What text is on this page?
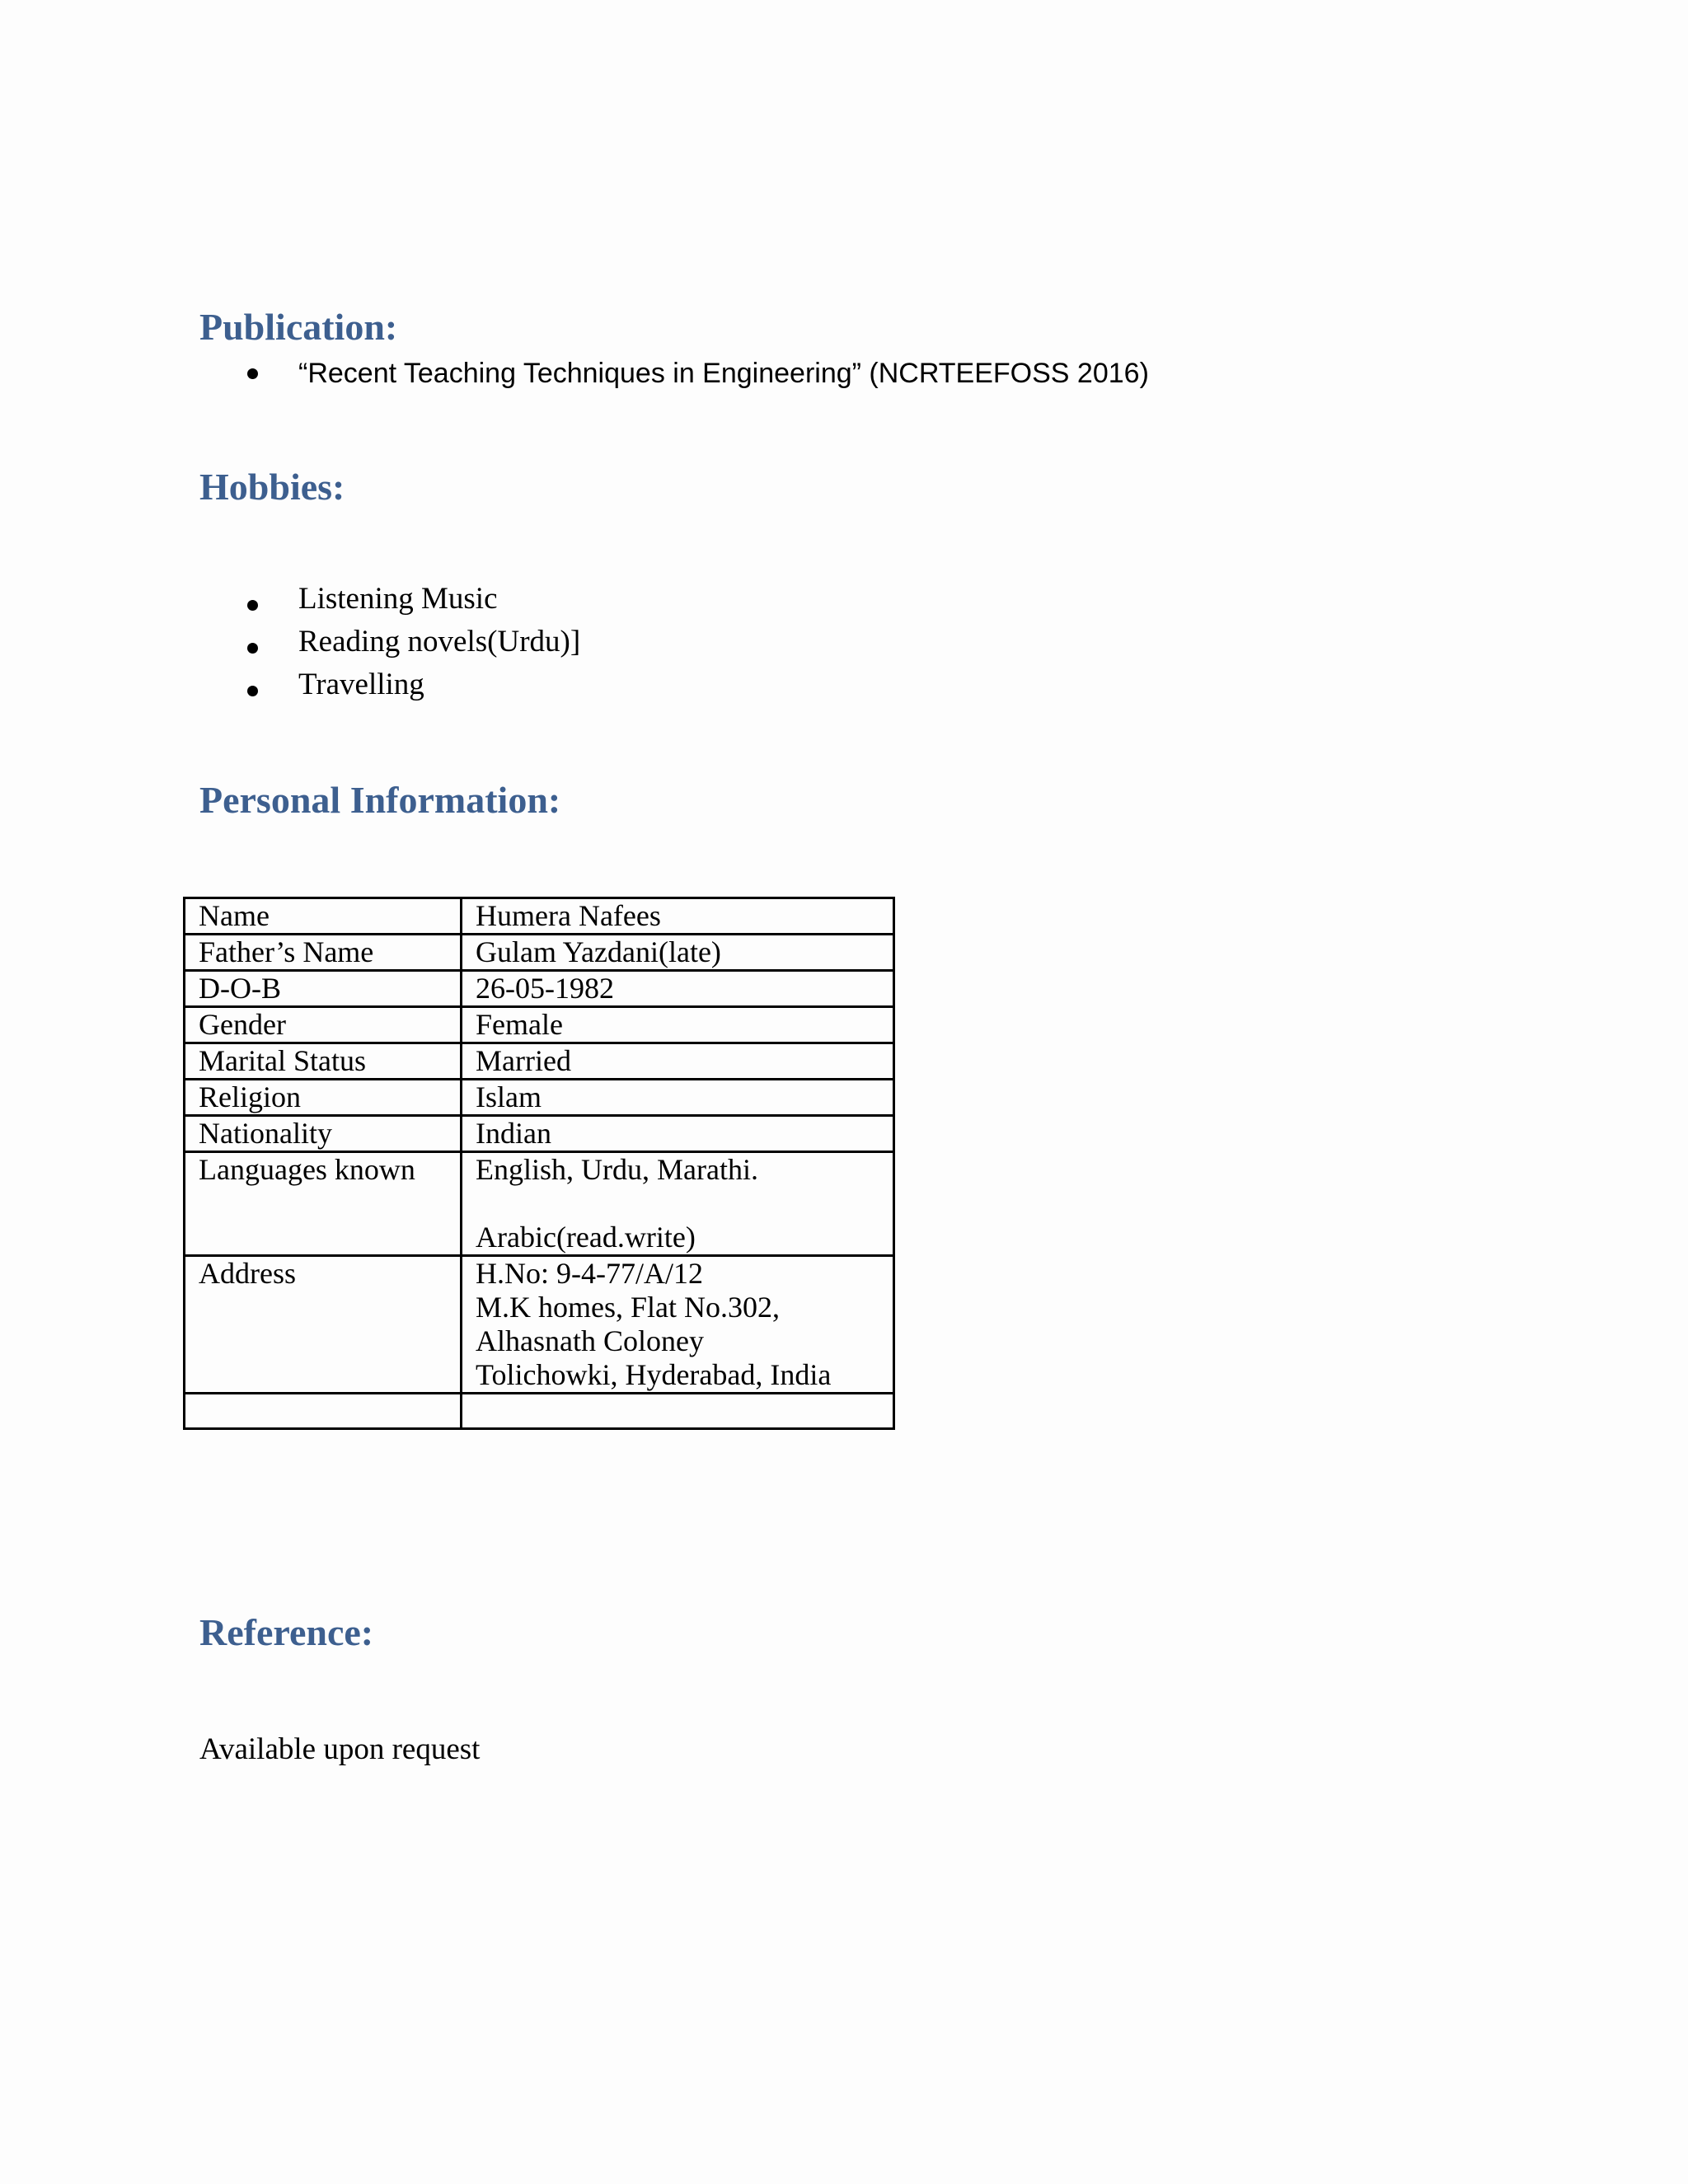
Publication:
“Recent Teaching Techniques in Engineering” (NCRTEEFOSS 2016)
Hobbies:
Listening Music
Reading novels(Urdu)]
Travelling
Personal Information:
Name	Humera Nafees

Father’s Name	Gulam Yazdani(late)

D-O-B	26-05-1982

Gender	Female

Marital Status	Married

Religion	Islam

Nationality	Indian

Languages known	English, Urdu, Marathi.
Arabic(read.write)

Address	H.No: 9-4-77/A/12
M.K homes, Flat No.302,
Alhasnath Coloney
Tolichowki, Hyderabad, India

Reference:

Available upon request
